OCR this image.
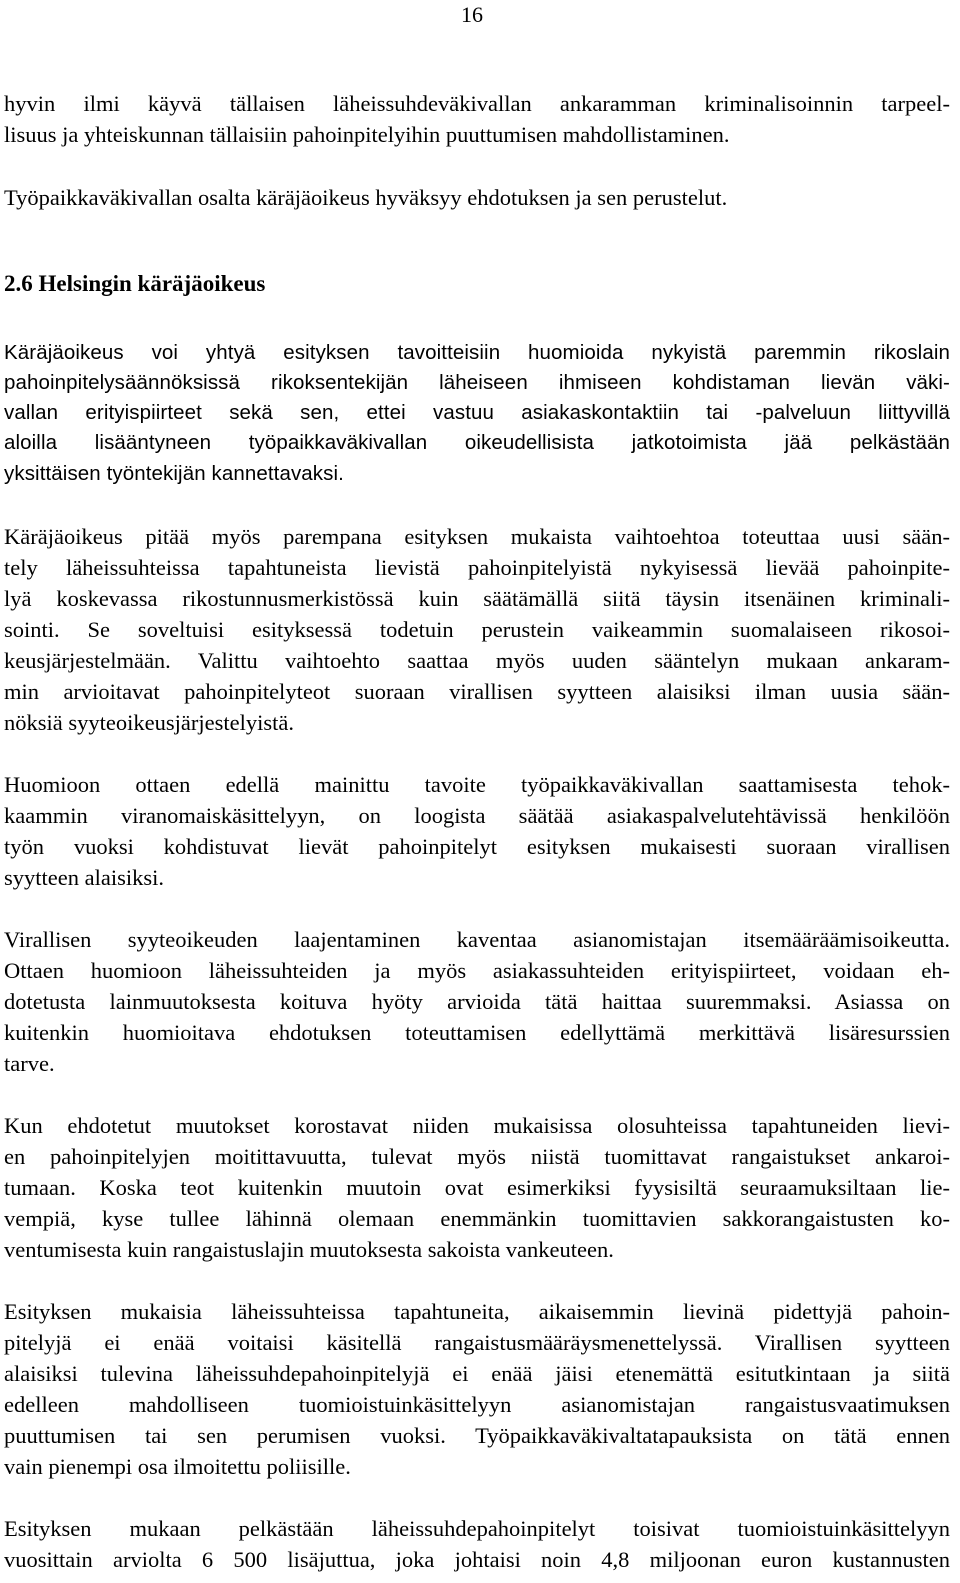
16
hyvin ilmi käyvä tällaisen läheissuhdeväkivallan ankaramman kriminalisoinnin tarpeel-
lisuus ja yhteiskunnan tällaisiin pahoinpitelyihin puuttumisen mahdollistaminen.
Työpaikkaväkivallan osalta käräjäoikeus hyväksyy ehdotuksen ja sen perustelut.
2.6 Helsingin käräjäoikeus
Käräjäoikeus voi yhtyä esityksen tavoitteisiin huomioida nykyistä paremmin rikoslain
pahoinpitelysäännöksissä rikoksentekijän läheiseen ihmiseen kohdistaman lievän väki-
vallan erityispiirteet sekä sen, ettei vastuu asiakaskontaktiin tai -palveluun liittyvillä
aloilla lisääntyneen työpaikkaväkivallan oikeudellisista jatkotoimista jää pelkästään
yksittäisen työntekijän kannettavaksi.
Käräjäoikeus pitää myös parempana esityksen mukaista vaihtoehtoa toteuttaa uusi sään-
tely läheissuhteissa tapahtuneista lievistä pahoinpitelyistä nykyisessä lievää pahoinpite-
lyä koskevassa rikostunnusmerkistössä kuin säätämällä siitä täysin itsenäinen kriminali-
sointi. Se soveltuisi esityksessä todetuin perustein vaikeammin suomalaiseen rikosoi-
keusjärjestelmään. Valittu vaihtoehto saattaa myös uuden sääntelyn mukaan ankaram-
min arvioitavat pahoinpitelyteot suoraan virallisen syytteen alaisiksi ilman uusia sään-
nöksiä syyteoikeusjärjestelyistä.
Huomioon ottaen edellä mainittu tavoite työpaikkaväkivallan saattamisesta tehok-
kaammin viranomaiskäsittelyyn, on loogista säätää asiakaspalvelutehtävissä henkilöön
työn vuoksi kohdistuvat lievät pahoinpitelyt esityksen mukaisesti suoraan virallisen
syytteen alaisiksi.
Virallisen syyteoikeuden laajentaminen kaventaa asianomistajan itsemääräämisoikeutta.
Ottaen huomioon läheissuhteiden ja myös asiakassuhteiden erityispiirteet, voidaan eh-
dotetusta lainmuutoksesta koituva hyöty arvioida tätä haittaa suuremmaksi. Asiassa on
kuitenkin huomioitava ehdotuksen toteuttamisen edellyttämä merkittävä lisäresurssien
tarve.
Kun ehdotetut muutokset korostavat niiden mukaisissa olosuhteissa tapahtuneiden lievi-
en pahoinpitelyjen moitittavuutta, tulevat myös niistä tuomittavat rangaistukset ankaroi-
tumaan. Koska teot kuitenkin muutoin ovat esimerkiksi fyysisiltä seuraamuksiltaan lie-
vempiä, kyse tullee lähinnä olemaan enemmänkin tuomittavien sakkorangaistusten ko-
ventumisesta kuin rangaistuslajin muutoksesta sakoista vankeuteen.
Esityksen mukaisia läheissuhteissa tapahtuneita, aikaisemmin lievinä pidettyjä pahoin-
pitelyjä ei enää voitaisi käsitellä rangaistusmääräysmenettelyssä. Virallisen syytteen
alaisiksi tulevina läheissuhdepahoinpitelyjä ei enää jäisi etenemättä esitutkintaan ja siitä
edelleen mahdolliseen tuomioistuinkäsittelyyn asianomistajan rangaistusvaatimuksen
puuttumisen tai sen perumisen vuoksi. Työpaikkaväkivaltatapauksista on tätä ennen
vain pienempi osa ilmoitettu poliisille.
Esityksen mukaan pelkästään läheissuhdepahoinpitelyt toisivat tuomioistuinkäsittelyyn
vuosittain arviolta 6 500 lisäjuttua, joka johtaisi noin 4,8 miljoonan euron kustannusten
